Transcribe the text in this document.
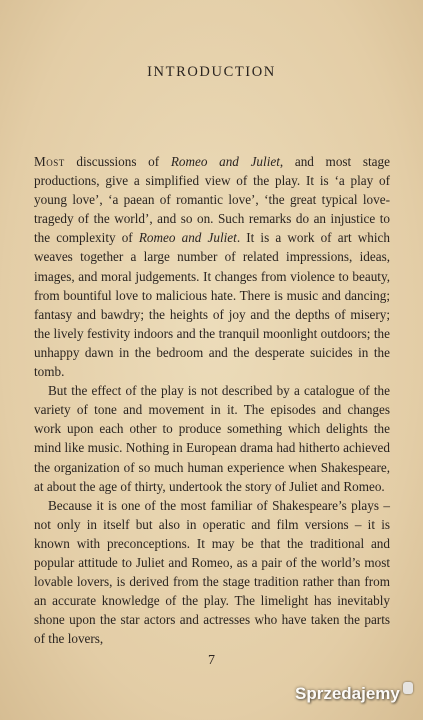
INTRODUCTION

Most discussions of Romeo and Juliet, and most stage productions, give a simplified view of the play. It is ‘a play of young love’, ‘a paean of romantic love’, ‘the great typical love-tragedy of the world’, and so on. Such remarks do an injustice to the complexity of Romeo and Juliet. It is a work of art which weaves together a large number of related impressions, ideas, images, and moral judgements. It changes from violence to beauty, from bountiful love to malicious hate. There is music and dancing; fantasy and bawdry; the heights of joy and the depths of misery; the lively festivity indoors and the tranquil moonlight outdoors; the unhappy dawn in the bedroom and the desperate suicides in the tomb.

But the effect of the play is not described by a catalogue of the variety of tone and movement in it. The episodes and changes work upon each other to produce something which delights the mind like music. Nothing in European drama had hitherto achieved the organization of so much human experience when Shakespeare, at about the age of thirty, undertook the story of Juliet and Romeo.

Because it is one of the most familiar of Shakespeare’s plays – not only in itself but also in operatic and film versions – it is known with preconceptions. It may be that the traditional and popular attitude to Juliet and Romeo, as a pair of the world’s most lovable lovers, is derived from the stage tradition rather than from an accurate knowledge of the play. The limelight has inevitably shone upon the star actors and actresses who have taken the parts of the lovers,

7
Sprzedajemy
